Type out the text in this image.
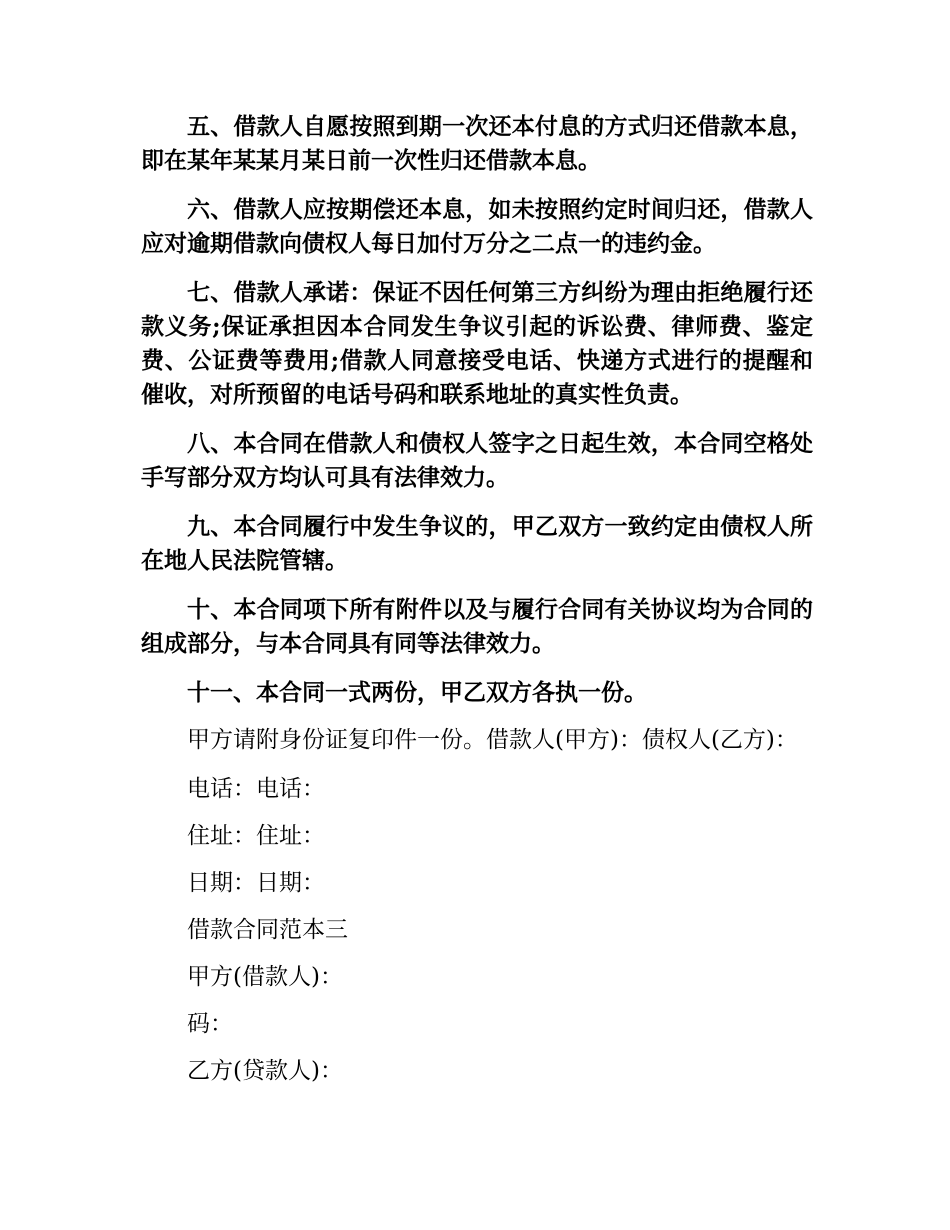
五、借款人自愿按照到期一次还本付息的方式归还借款本息，即在某年某某月某日前一次性归还借款本息。

六、借款人应按期偿还本息，如未按照约定时间归还，借款人应对逾期借款向债权人每日加付万分之二点一的违约金。

七、借款人承诺：保证不因任何第三方纠纷为理由拒绝履行还款义务;保证承担因本合同发生争议引起的诉讼费、律师费、鉴定费、公证费等费用;借款人同意接受电话、快递方式进行的提醒和催收，对所预留的电话号码和联系地址的真实性负责。

八、本合同在借款人和债权人签字之日起生效，本合同空格处手写部分双方均认可具有法律效力。

九、本合同履行中发生争议的，甲乙双方一致约定由债权人所在地人民法院管辖。

十、本合同项下所有附件以及与履行合同有关协议均为合同的组成部分，与本合同具有同等法律效力。

十一、本合同一式两份，甲乙双方各执一份。

甲方请附身份证复印件一份。借款人(甲方)：债权人(乙方)：

电话：电话：

住址：住址：

日期：日期：

借款合同范本三

甲方(借款人)：

码：

乙方(贷款人)：
